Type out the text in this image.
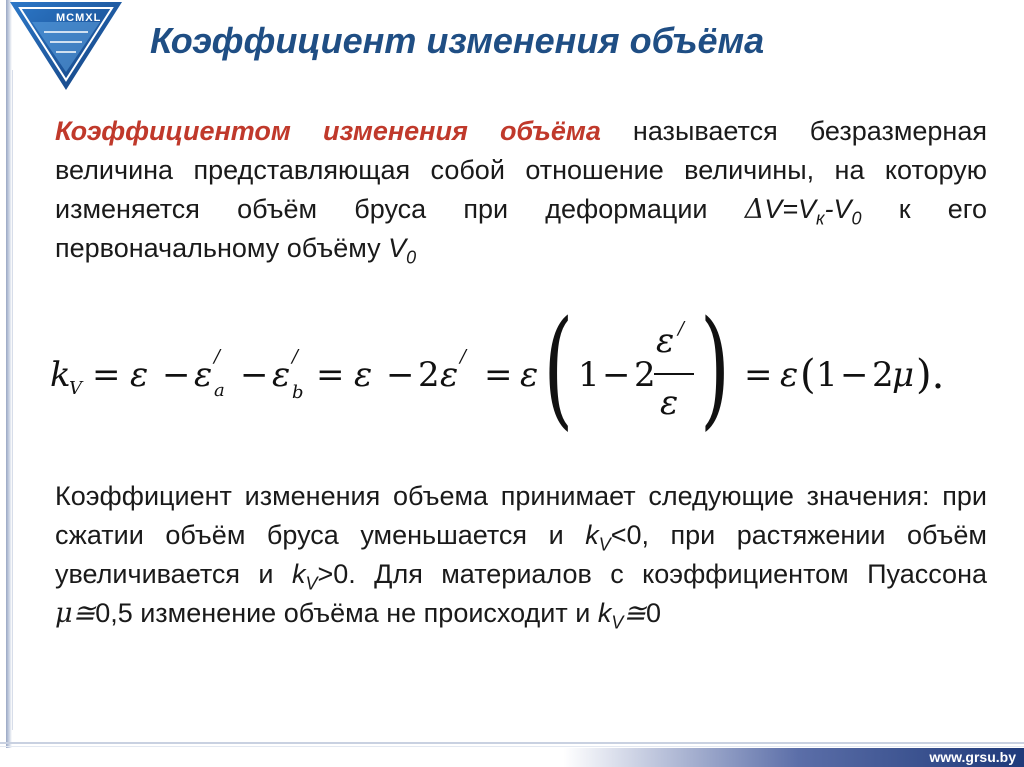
MCMXL
Коэффициент изменения объёма

Коэффициентом изменения объёма называется безразмерная величина представляющая собой отношение величины, на которую изменяется объём бруса при деформации $\Delta V=V_к-V_0$ к его первоначальному объёму $V_0$

k
V = ε − ε /
a − ε /
b = ε − 2 ε / = ε ( 1 − 2
ε /
ε ) = ε ( 1 − 2
μ ).

Коэффициент изменения объема принимает следующие значения: при сжатии объём бруса уменьшается и $k_V<0$, при растяжении объём увеличивается и $k_V>0$. Для материалов с коэффициентом Пуассона μ≅0,5 изменение объёма не происходит и $k_V≅0$

www.grsu.by
